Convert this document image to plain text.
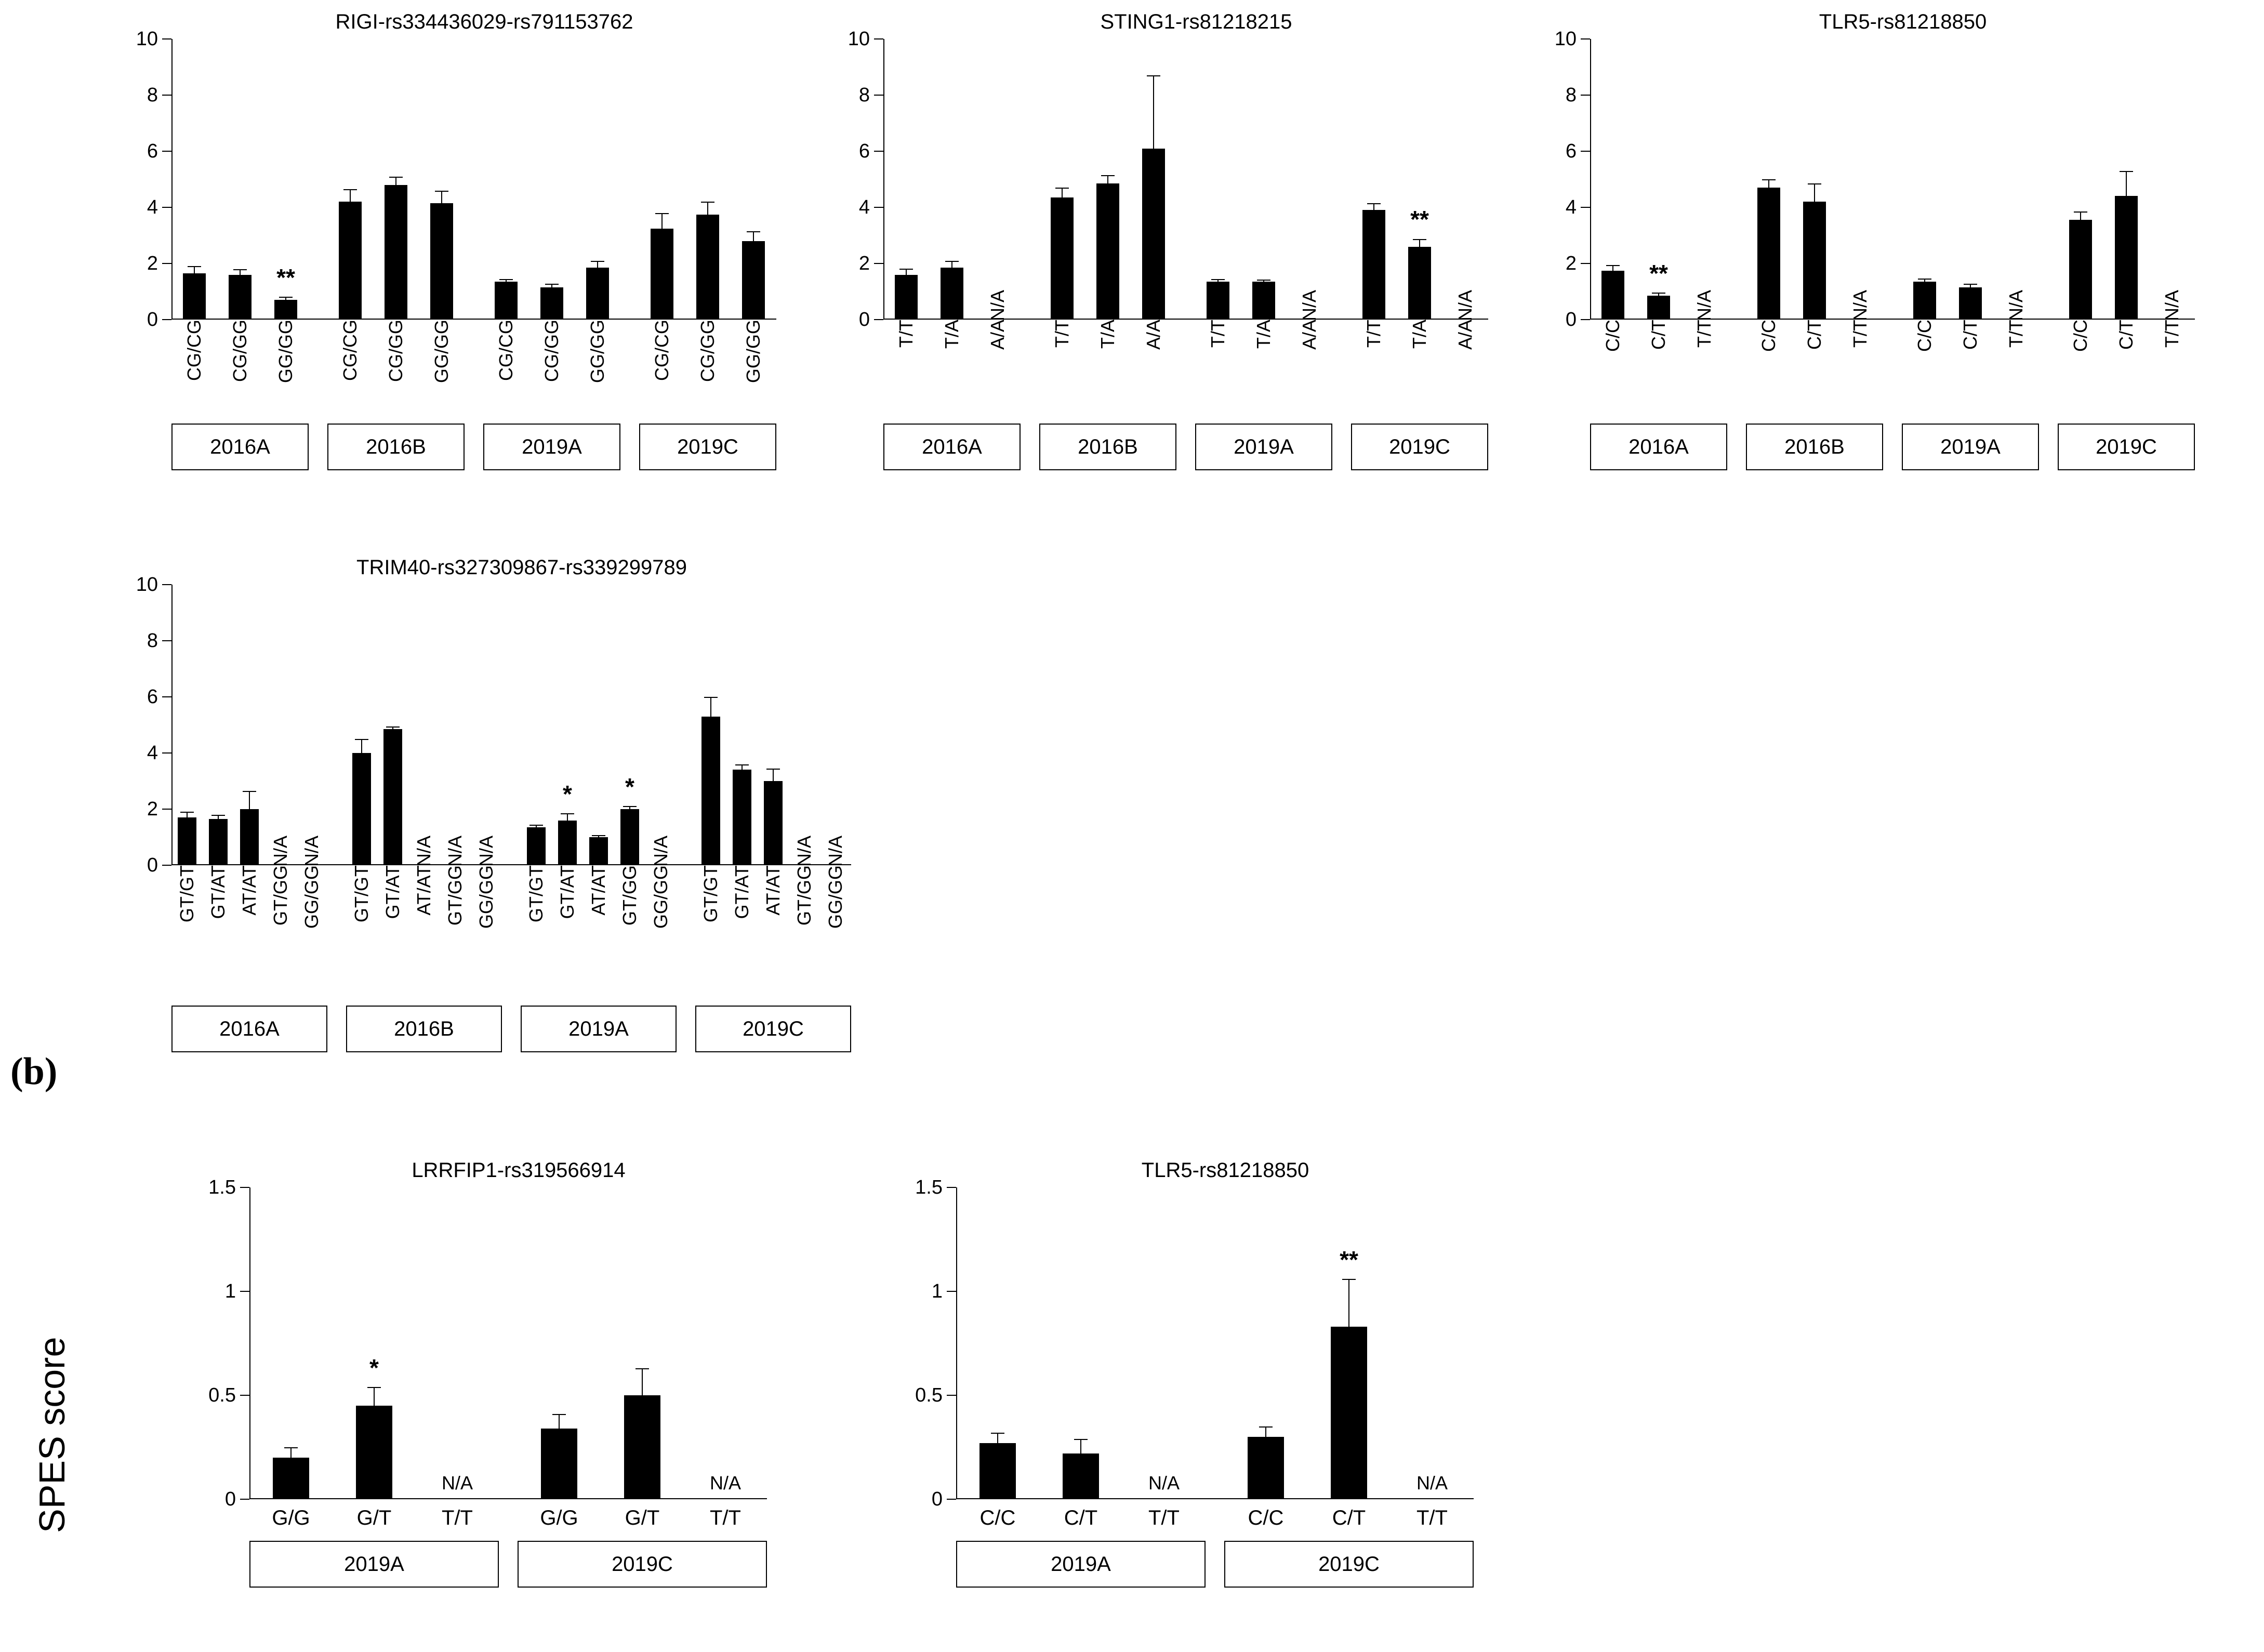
(b)
SPES score
RIGI-rs334436029-rs791153762
0
2
4
6
8
10
**
CG/CG CG/GG GG/GG CG/CG CG/GG GG/GG CG/CG CG/GG GG/GG CG/CG CG/GG GG/GG
2016A	2016B	2019A	2019C
STING1-rs81218215
0
2
4
6
8
10
N/A	N/A
**
N/A
T/T T/A A/A T/T T/A A/A T/T T/A A/A T/T T/A A/A
2016A	2016B	2019A	2019C
TLR5-rs81218850
0
2
4
6
8
10
**
N/A	N/A	N/A	N/A
C/C C/T T/T C/C C/T T/T C/C C/T T/T C/C C/T T/T
2016A	2016B	2019A	2019C
TRIM40-rs327309867-rs339299789
0
2
4
6
8
10
N/A N/A	N/A N/A N/A
* *
N/A	N/A N/A
GT/GT GT/AT AT/AT GT/GG GG/GG GT/GT GT/AT AT/AT GT/GG GG/GG GT/GT GT/AT AT/AT GT/GG GG/GG GT/GT GT/AT AT/AT GT/GG GG/GG
2016A	2016B	2019A	2019C
LRRFIP1-rs319566914
0
0.5
1
1.5
*
N/A	N/A
G/G G/T T/T	G/G G/T T/T
2019A	2019C
TLR5-rs81218850
0
0.5
1
1.5
N/A
**
N/A
C/C C/T T/T	C/C C/T T/T
2019A	2019C
